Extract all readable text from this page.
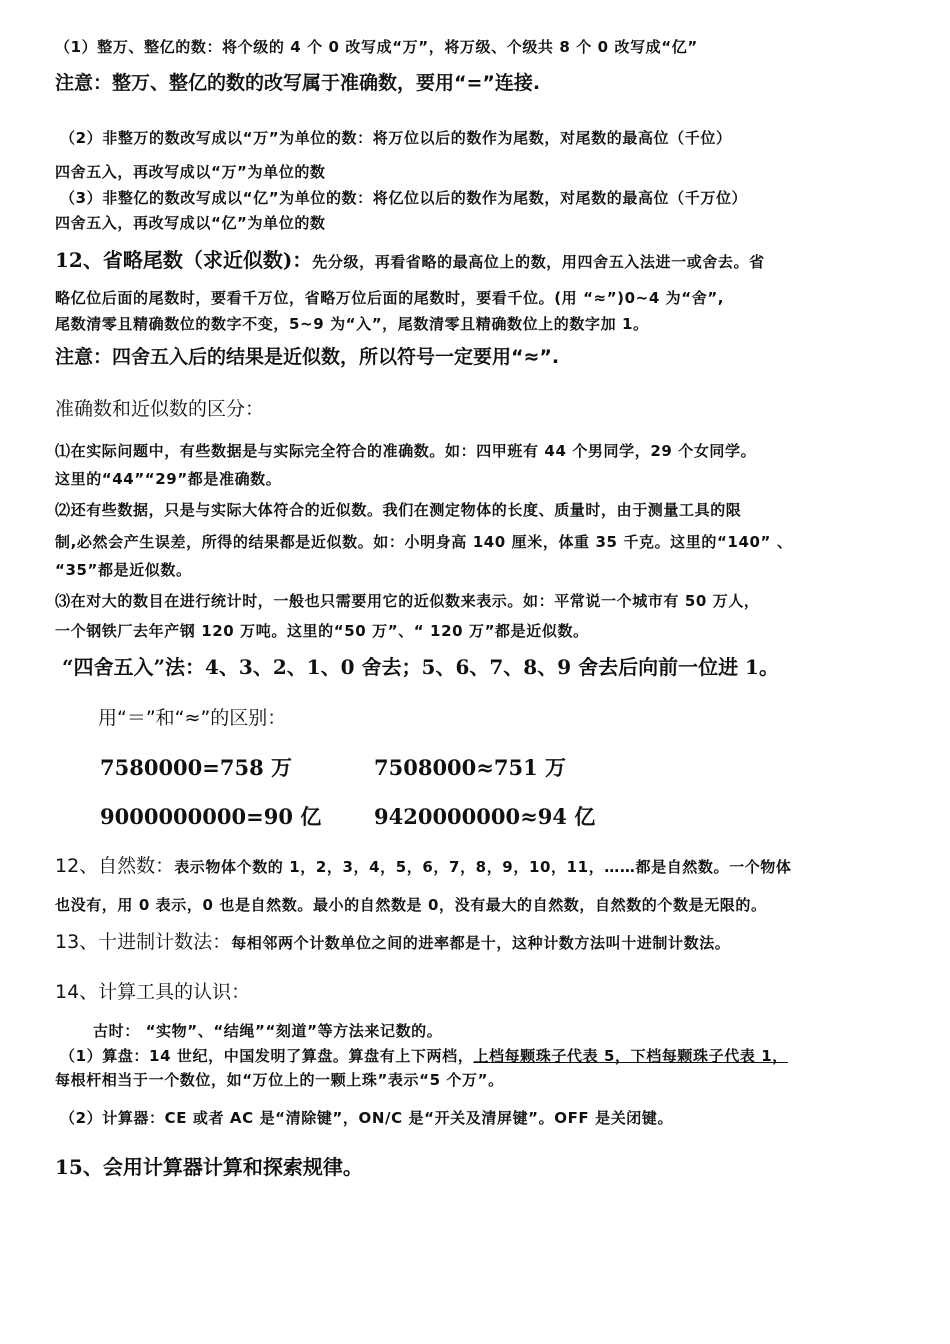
（1）整万、整亿的数：将个级的 4 个 0 改写成“万”，将万级、个级共 8 个 0 改写成“亿”
注意：整万、整亿的数的改写属于准确数，要用“=”连接.
（2）非整万的数改写成以“万”为单位的数：将万位以后的数作为尾数，对尾数的最高位（千位）
四舍五入，再改写成以“万”为单位的数
（3）非整亿的数改写成以“亿”为单位的数：将亿位以后的数作为尾数，对尾数的最高位（千万位）
四舍五入，再改写成以“亿”为单位的数
12、省略尾数（求近似数)：先分级，再看省略的最高位上的数，用四舍五入法进一或舍去。省
略亿位后面的尾数时，要看千万位，省略万位后面的尾数时，要看千位。(用 “≈”)0~4 为“舍”,
尾数清零且精确数位的数字不变，5~9 为“入”，尾数清零且精确数位上的数字加 1。
注意：四舍五入后的结果是近似数，所以符号一定要用“≈”.
准确数和近似数的区分：
⑴在实际问题中，有些数据是与实际完全符合的准确数。如：四甲班有 44 个男同学，29 个女同学。
这里的“44”“29”都是准确数。
⑵还有些数据，只是与实际大体符合的近似数。我们在测定物体的长度、质量时，由于测量工具的限
制,必然会产生误差，所得的结果都是近似数。如：小明身高 140 厘米，体重 35 千克。这里的“140” 、
“35”都是近似数。
⑶在对大的数目在进行统计时，一般也只需要用它的近似数来表示。如：平常说一个城市有 50 万人，
一个钢铁厂去年产钢 120 万吨。这里的“50 万”、“ 120 万”都是近似数。
“四舍五入”法：4、3、2、1、0 舍去；5、6、7、8、9 舍去后向前一位进 1。
用“＝”和“≈”的区别：
7580000=758 万	7508000≈751 万
9000000000=90 亿	9420000000≈94 亿
12、自然数：表示物体个数的 1，2，3，4，5，6，7，8，9，10，11，……都是自然数。一个物体
也没有，用 0 表示，0 也是自然数。最小的自然数是 0，没有最大的自然数，自然数的个数是无限的。
13、十进制计数法：每相邻两个计数单位之间的进率都是十，这种计数方法叫十进制计数法。
14、计算工具的认识：
古时： “实物”、“结绳”“刻道”等方法来记数的。
（1）算盘：14 世纪，中国发明了算盘。算盘有上下两档，上档每颗珠子代表 5，下档每颗珠子代表 1，
每根杆相当于一个数位，如“万位上的一颗上珠”表示“5 个万”。
（2）计算器：CE 或者 AC 是“清除键”，ON/C 是“开关及清屏键”。OFF 是关闭键。
15、会用计算器计算和探索规律。
